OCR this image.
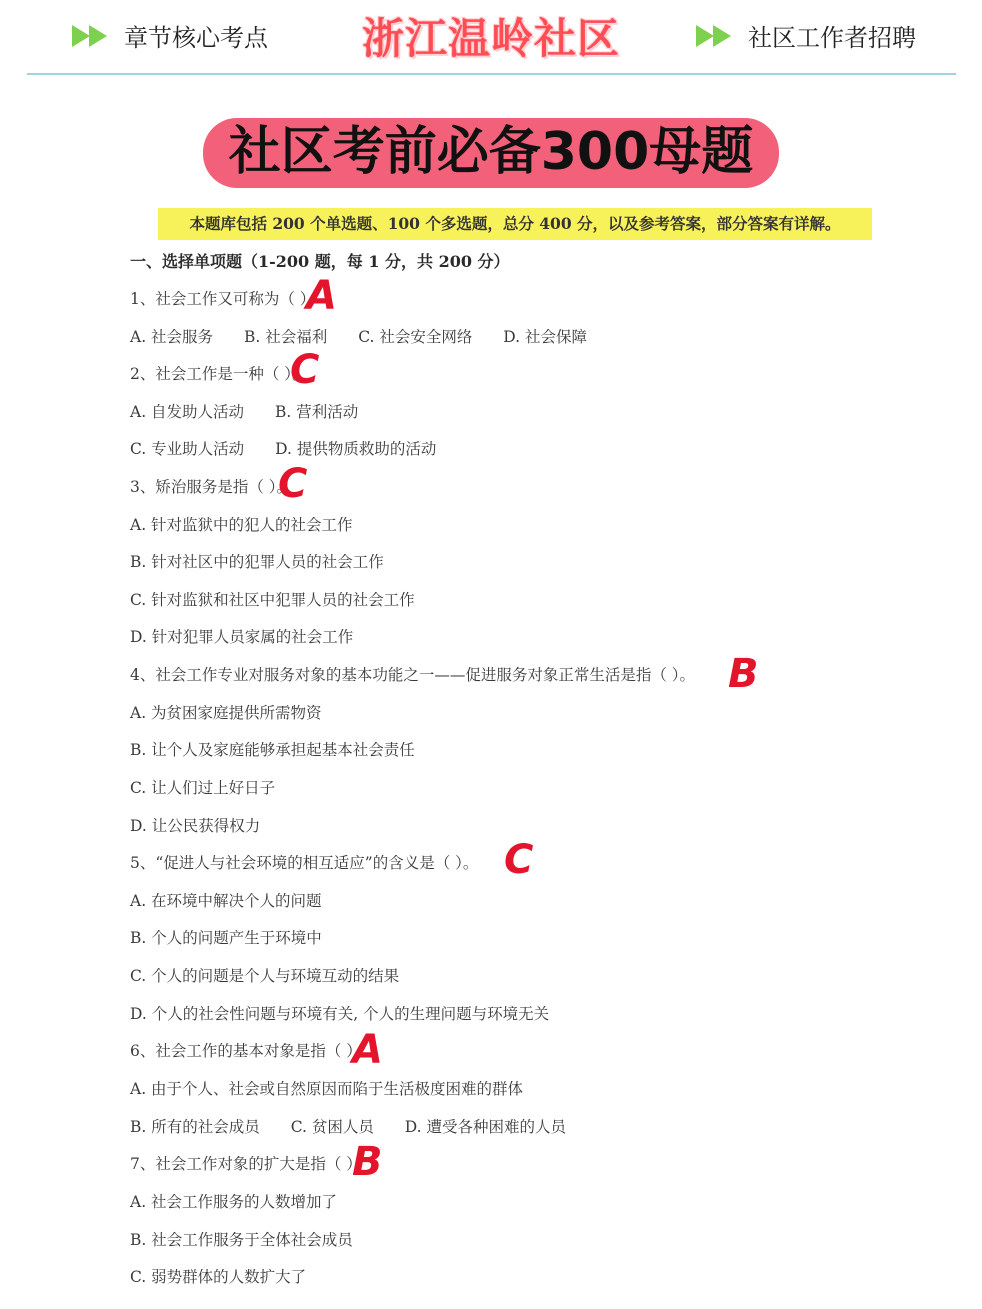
章节核心考点	浙江温岭社区	社区工作者招聘
社区考前必备300母题
本题库包括 200 个单选题、100 个多选题，总分 400 分，以及参考答案，部分答案有详解。
一、选择单项题（1-200 题，每 1 分，共 200 分）
1、社会工作又可称为（ ）。
A
A. 社会服务 B. 社会福利 C. 社会安全网络 D. 社会保障
2、社会工作是一种（ ）。
C
A. 自发助人活动 B. 营利活动
C. 专业助人活动 D. 提供物质救助的活动
3、矫治服务是指（ ）。
C
A. 针对监狱中的犯人的社会工作
B. 针对社区中的犯罪人员的社会工作
C. 针对监狱和社区中犯罪人员的社会工作
D. 针对犯罪人员家属的社会工作
4、社会工作专业对服务对象的基本功能之一——促进服务对象正常生活是指（ ）。 B
A. 为贫困家庭提供所需物资
B. 让个人及家庭能够承担起基本社会责任
C. 让人们过上好日子
D. 让公民获得权力
5、“促进人与社会环境的相互适应”的含义是（ ）。 C
A. 在环境中解决个人的问题
B. 个人的问题产生于环境中
C. 个人的问题是个人与环境互动的结果
D. 个人的社会性问题与环境有关, 个人的生理问题与环境无关
6、社会工作的基本对象是指（ ）。
A
A. 由于个人、社会或自然原因而陷于生活极度困难的群体
B. 所有的社会成员 C. 贫困人员 D. 遭受各种困难的人员
7、社会工作对象的扩大是指（ ）。
B
A. 社会工作服务的人数增加了
B. 社会工作服务于全体社会成员
C. 弱势群体的人数扩大了
